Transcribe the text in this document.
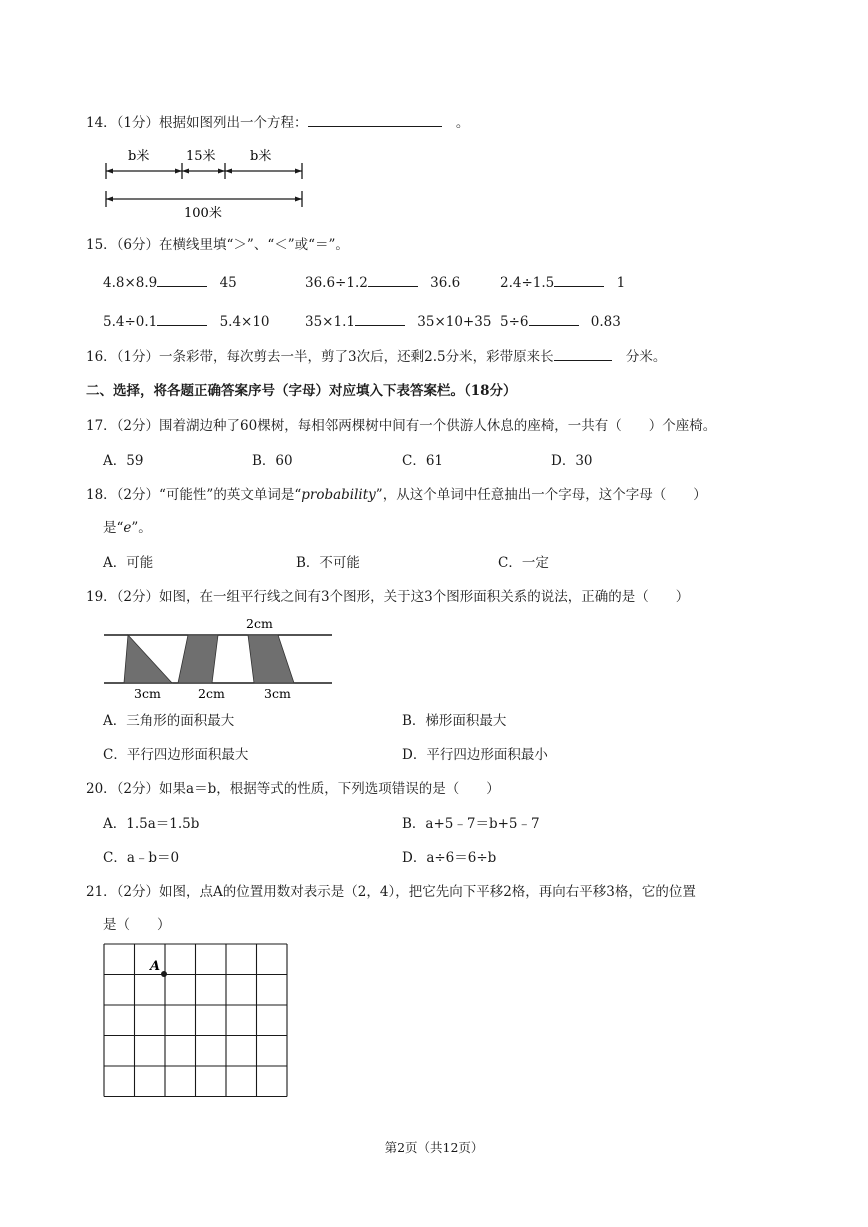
14．（1分）根据如图列出一个方程：	。
b米	15米	b米
100米
15．（6分）在横线里填“＞”、“＜”或“＝”。
4.8×8.9	45	36.6÷1.2	36.6	2.4÷1.5	1
5.4÷0.1	5.4×10	35×1.1	35×10+35 5÷6	0.83
16．（1分）一条彩带，每次剪去一半，剪了3次后，还剩2.5分米，彩带原来长	分米。
二、选择，将各题正确答案序号（字母）对应填入下表答案栏。（18分）
17．（2分）围着湖边种了60棵树，每相邻两棵树中间有一个供游人休息的座椅，一共有（　　）个座椅。
A．59	B．60	C．61	D．30
18．（2分）“可能性”的英文单词是“probability”，从这个单词中任意抽出一个字母，这个字母（　　）
是“e”。
A．可能	B．不可能	C．一定
19．（2分）如图，在一组平行线之间有3个图形，关于这3个图形面积关系的说法，正确的是（　　）
2cm
3cm	2cm	3cm
A．三角形的面积最大	B．梯形面积最大
C．平行四边形面积最大	D．平行四边形面积最小
20．（2分）如果a＝b，根据等式的性质，下列选项错误的是（　　）
A．1.5a＝1.5b	B．a+5﹣7＝b+5﹣7
C．a﹣b＝0	D．a÷6＝6÷b
21．（2分）如图，点A的位置用数对表示是（2，4），把它先向下平移2格，再向右平移3格，它的位置
是（　　）
A
第2页（共12页）
